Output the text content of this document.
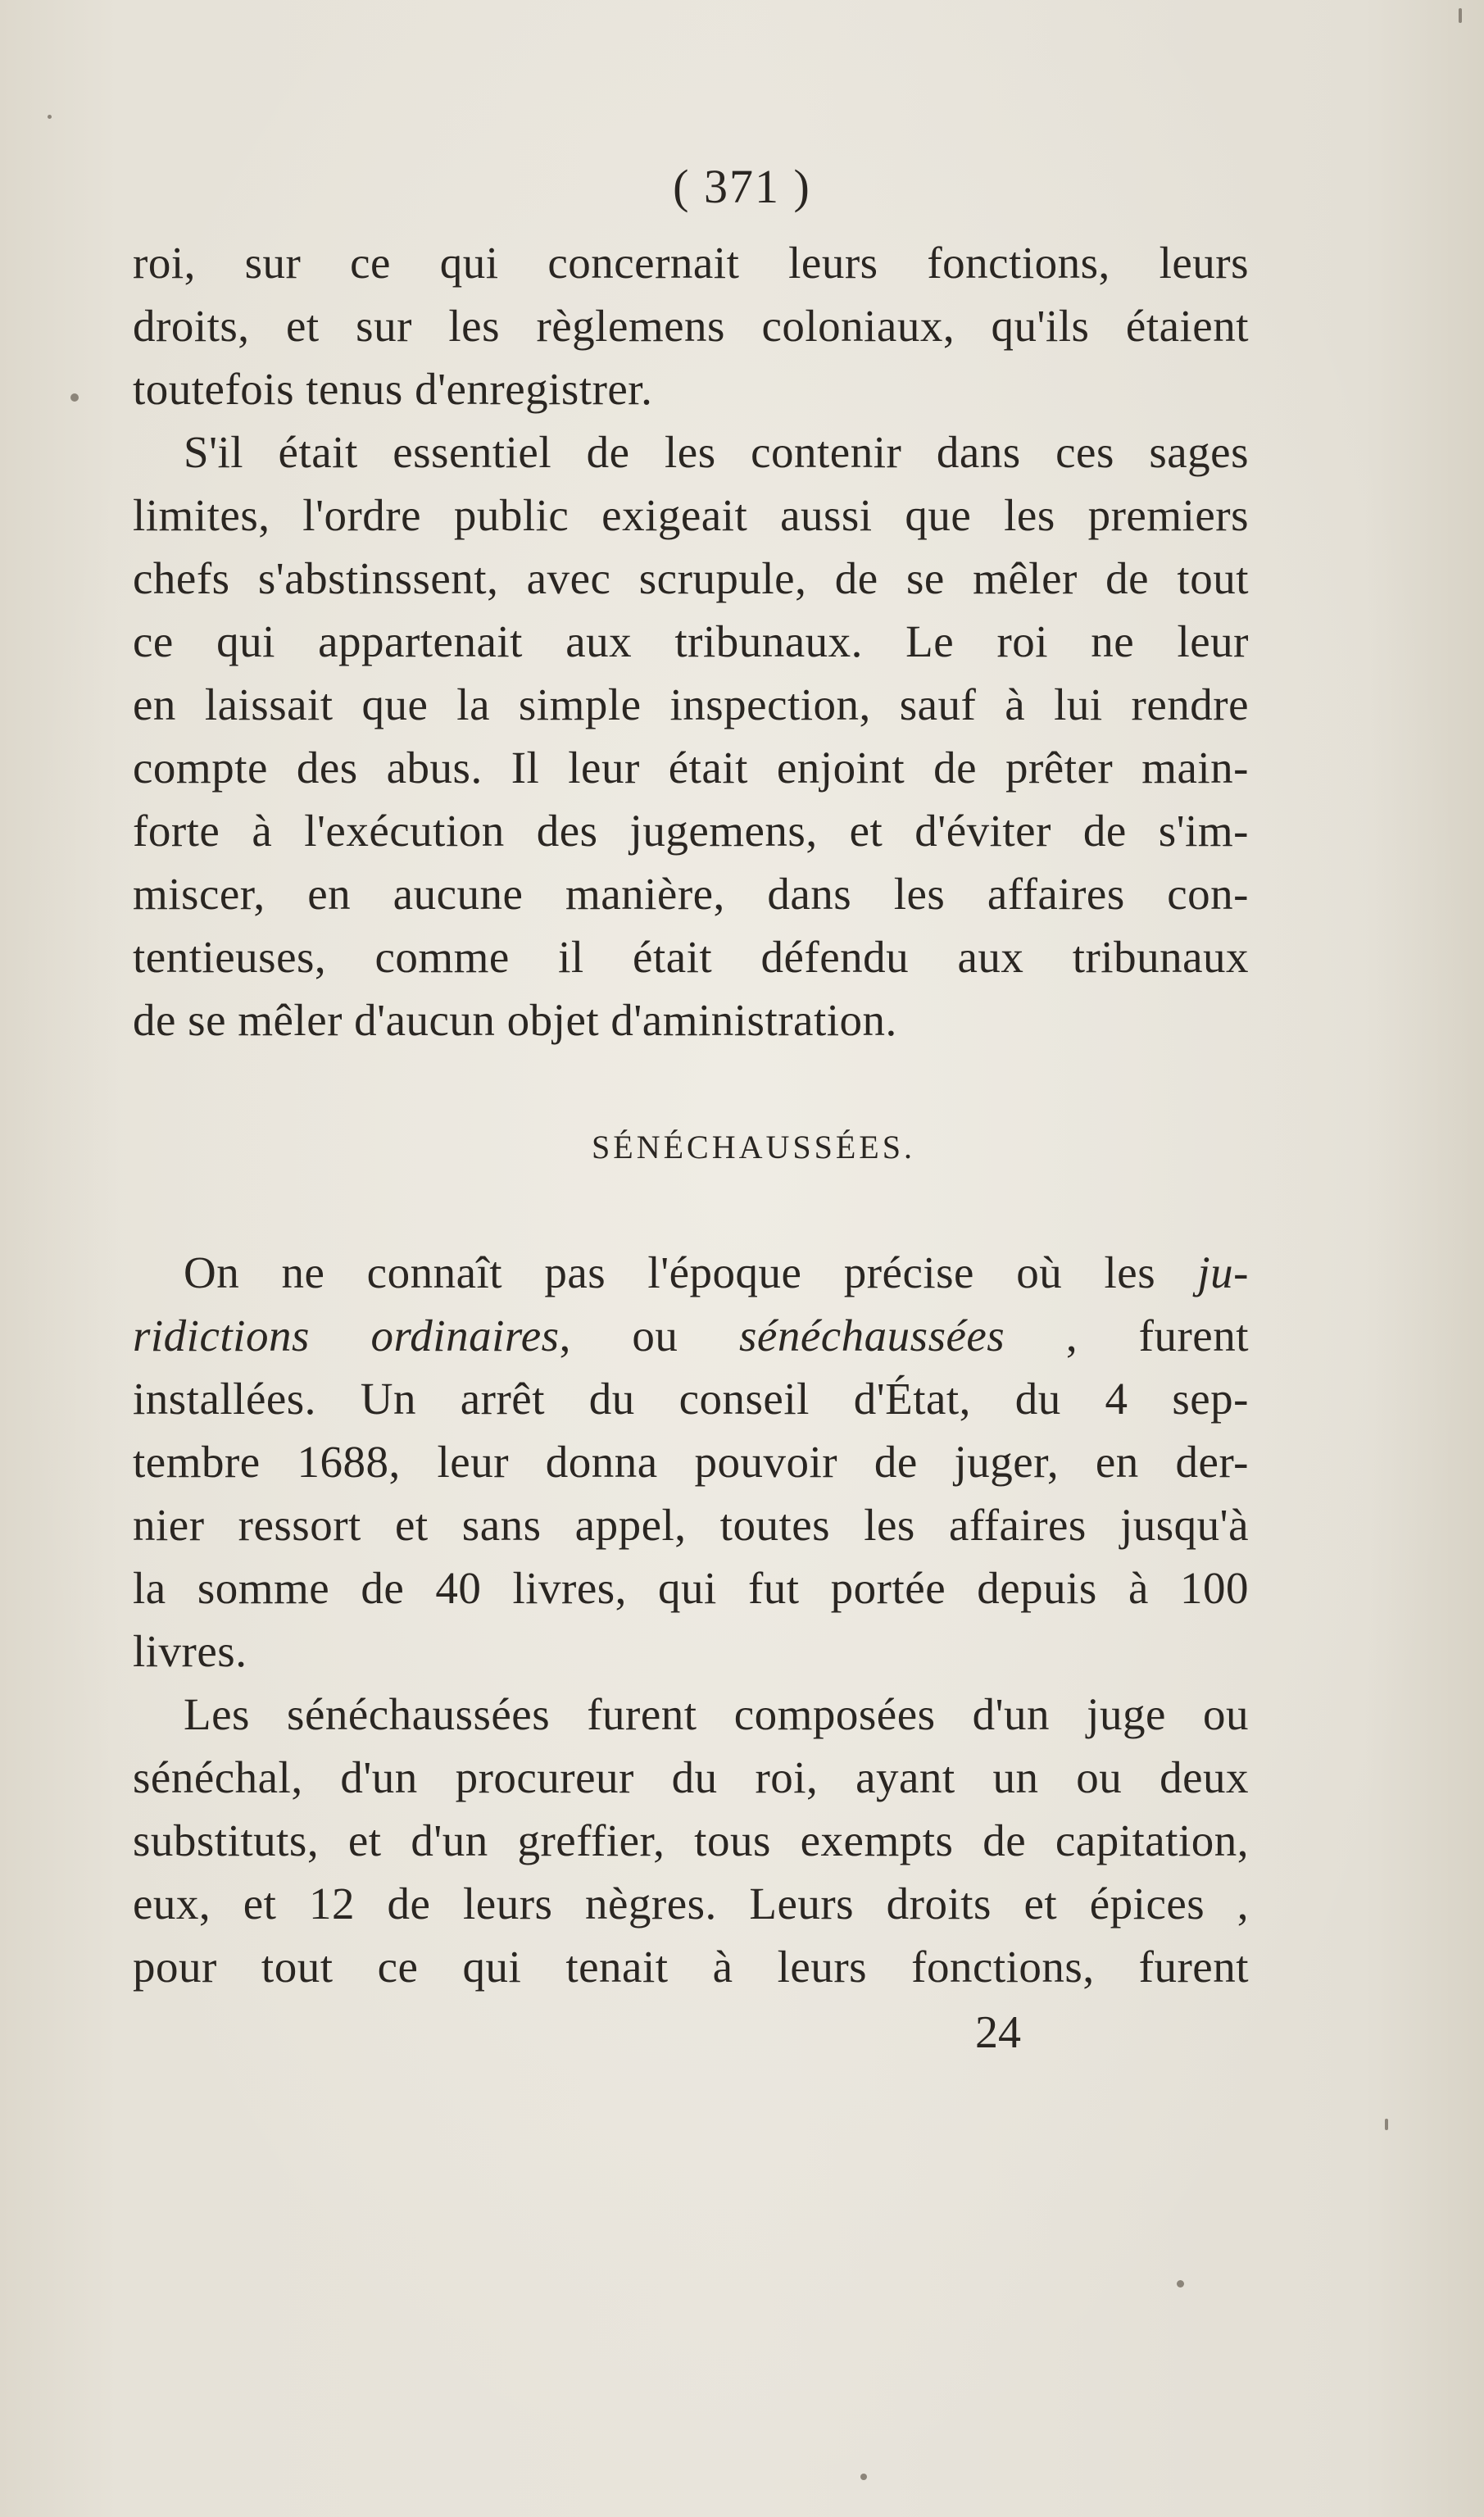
( 371 )
roi, sur ce qui concernait leurs fonctions, leurs
droits, et sur les règlemens coloniaux, qu'ils étaient
toutefois tenus d'enregistrer.
S'il était essentiel de les contenir dans ces sages
limites, l'ordre public exigeait aussi que les premiers
chefs s'abstinssent, avec scrupule, de se mêler de tout
ce qui appartenait aux tribunaux. Le roi ne leur
en laissait que la simple inspection, sauf à lui rendre
compte des abus. Il leur était enjoint de prêter main-
forte à l'exécution des jugemens, et d'éviter de s'im-
miscer, en aucune manière, dans les affaires con-
tentieuses, comme il était défendu aux tribunaux
de se mêler d'aucun objet d'aministration.
SÉNÉCHAUSSÉES.
On ne connaît pas l'époque précise où les ju-
ridictions ordinaires, ou sénéchaussées , furent
installées. Un arrêt du conseil d'État, du 4 sep-
tembre 1688, leur donna pouvoir de juger, en der-
nier ressort et sans appel, toutes les affaires jusqu'à
la somme de 40 livres, qui fut portée depuis à 100
livres.
Les sénéchaussées furent composées d'un juge ou
sénéchal, d'un procureur du roi, ayant un ou deux
substituts, et d'un greffier, tous exempts de capitation,
eux, et 12 de leurs nègres. Leurs droits et épices ,
pour tout ce qui tenait à leurs fonctions, furent
24
